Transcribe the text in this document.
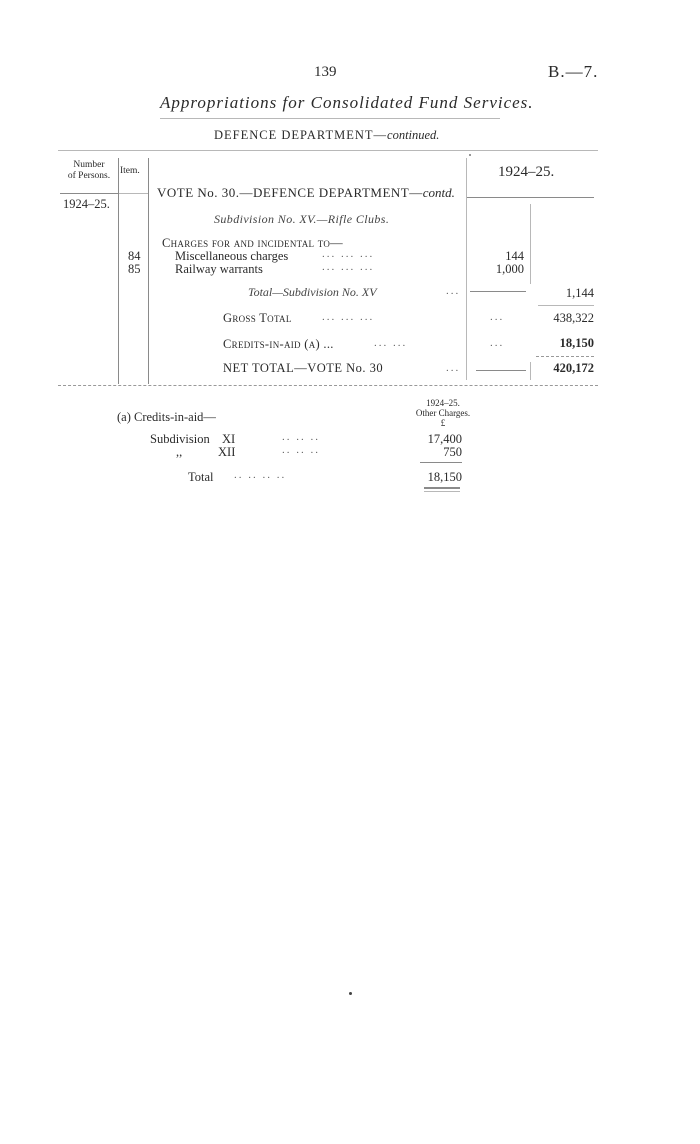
139	B.—7.
Appropriations for Consolidated Fund Services.
DEFENCE DEPARTMENT—continued.
Number
of Persons.	Item.	1924–25.
1924–25.
VOTE No. 30.—DEFENCE DEPARTMENT—contd.
Subdivision No. XV.—Rifle Clubs.
Charges for and incidental to—
84	Miscellaneous charges	... ... ...	144
85	Railway warrants	... ... ...	1,000
Total—Subdivision No. XV	...	1,144
Gross Total	... ... ...	...	438,322
Credits-in-aid (a) ...	... ...	...	18,150
NET TOTAL—VOTE No. 30	...	420,172
(a) Credits-in-aid—
1924–25.
Other Charges.
£
Subdivision XI	.. .. ..	17,400
,,	XII	.. .. ..	750
Total .. .. .. ..	18,150
